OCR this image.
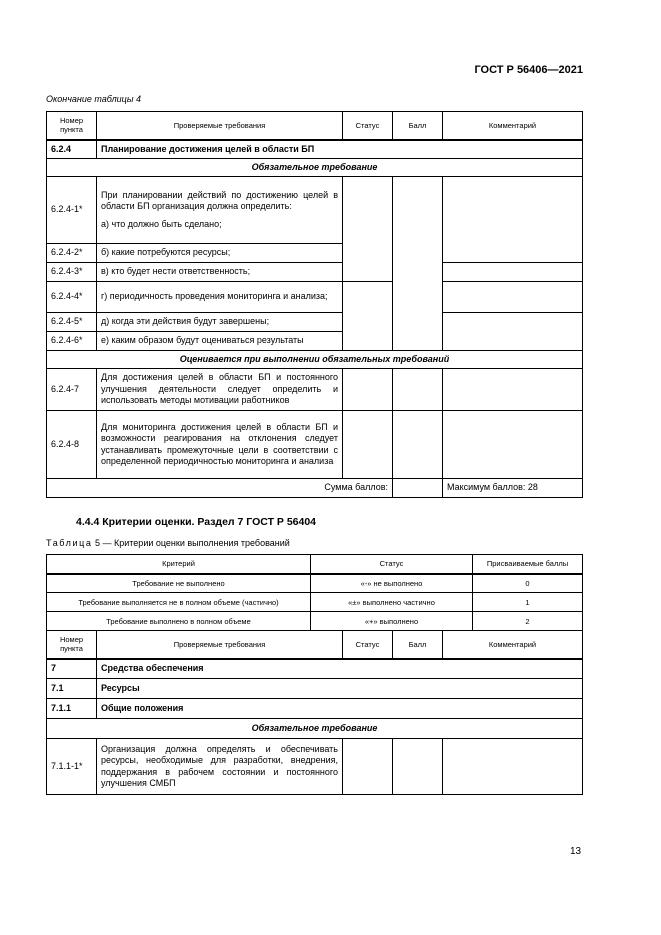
ГОСТ Р 56406—2021
Окончание таблицы 4
Номер пункта	Проверяемые требования	Статус	Балл	Комментарий
6.2.4	Планирование достижения целей в области БП			
Обязательное требование				
6.2.4-1*	При планировании действий по достижению целей в области БП организация должна определить:
а) что должно быть сделано;			

6.2.4-2*	б) какие потребуются ресурсы;			
6.2.4-3*	в) кто будет нести ответственность;			
6.2.4-4*	г) периодичность проведения мониторинга и анализа;			
6.2.4-5*	д) когда эти действия будут завершены;			
6.2.4-6*	е) каким образом будут оцениваться результаты			
Оценивается при выполнении обязательных требований				
6.2.4-7	Для достижения целей в области БП и постоянного улучшения деятельности следует определить и использовать методы мотивации работников			
6.2.4-8	Для мониторинга достижения целей в области БП и возможности реагирования на отклонения следует устанавливать промежуточные цели в соответствии с определенной периодичностью мониторинга и анализа			
Сумма баллов:				Максимум баллов: 28
4.4.4 Критерии оценки. Раздел 7 ГОСТ Р 56404
Таблица 5 — Критерии оценки выполнения требований
Критерий	Статус	Присваиваемые баллы
Требование не выполнено	«-» не выполнено	0
Требование выполняется не в полном объеме (частично)	«±» выполнено частично	1
Требование выполнено в полном объеме	«+» выполнено	2
Номер пункта	Проверяемые требования	Статус	Балл	Комментарий
7	Средства обеспечения			
7.1	Ресурсы			
7.1.1	Общие положения			
Обязательное требование				
7.1.1-1*	Организация должна определять и обеспечивать ресурсы, необходимые для разработки, внедрения, поддержания в рабочем состоянии и постоянного улучшения СМБП			
13
